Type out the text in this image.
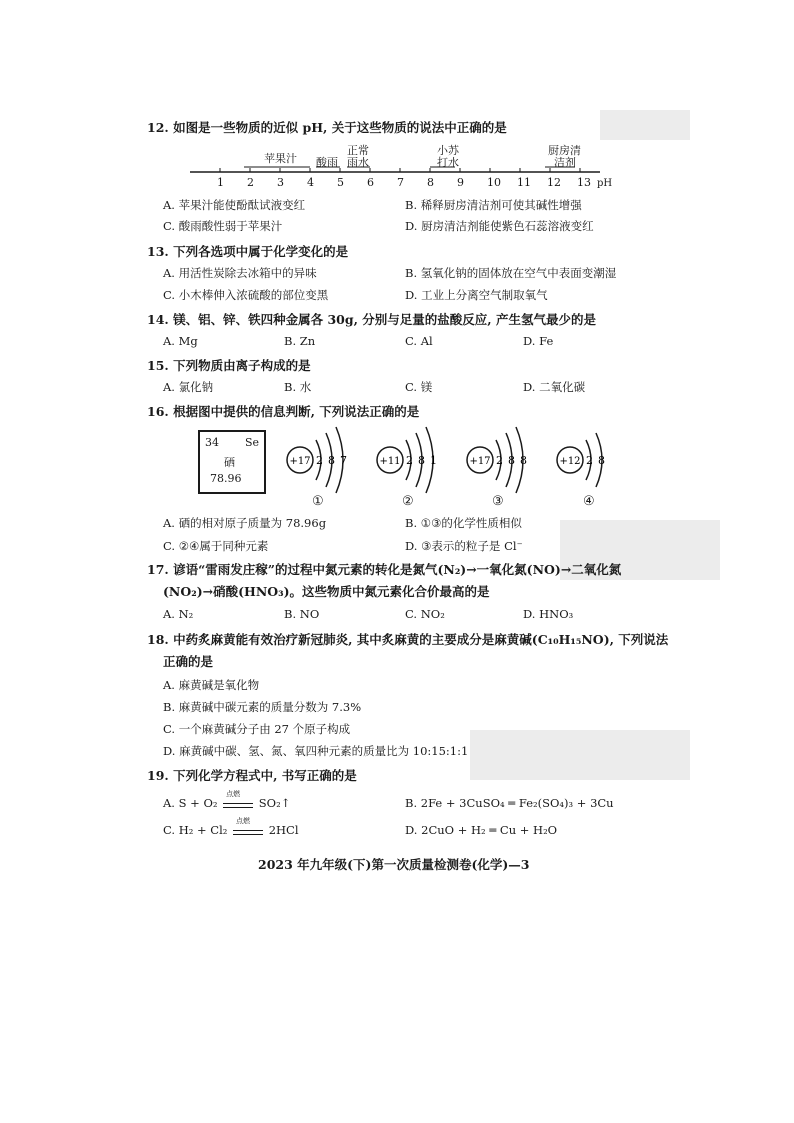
12. 如图是一些物质的近似 pH, 关于这些物质的说法中正确的是
苹果汁 酸雨
正常
雨水
小苏
打水
厨房清
洁剂
1 2 3 4 5 6 7 8 9 10 11 12 13 pH
A. 苹果汁能使酚酞试液变红	B. 稀释厨房清洁剂可使其碱性增强
C. 酸雨酸性弱于苹果汁	D. 厨房清洁剂能使紫色石蕊溶液变红
13. 下列各选项中属于化学变化的是
A. 用活性炭除去冰箱中的异味	B. 氢氧化钠的固体放在空气中表面变潮湿
C. 小木棒伸入浓硫酸的部位变黑	D. 工业上分离空气制取氧气
14. 镁、铝、锌、铁四种金属各 30g, 分别与足量的盐酸反应, 产生氢气最少的是
A. Mg	B. Zn	C. Al	D. Fe
15. 下列物质由离子构成的是
A. 氯化钠	B. 水	C. 镁	D. 二氧化碳
16. 根据图中提供的信息判断, 下列说法正确的是
34 Se
硒
78.96
+17 2 8 7	+11 2 8 1	+17 2 8 8	+12 2 8
①	②	③	④
A. 硒的相对原子质量为 78.96g	B. ①③的化学性质相似
C. ②④属于同种元素	D. ③表示的粒子是 Cl⁻
17. 谚语“雷雨发庄稼”的过程中氮元素的转化是氮气(N₂)→一氧化氮(NO)→二氧化氮
(NO₂)→硝酸(HNO₃)。这些物质中氮元素化合价最高的是
A. N₂	B. NO	C. NO₂	D. HNO₃
18. 中药炙麻黄能有效治疗新冠肺炎, 其中炙麻黄的主要成分是麻黄碱(C₁₀H₁₅NO), 下列说法
正确的是
A. 麻黄碱是氧化物
B. 麻黄碱中碳元素的质量分数为 7.3%
C. 一个麻黄碱分子由 27 个原子构成
D. 麻黄碱中碳、氢、氮、氧四种元素的质量比为 10:15:1:1
19. 下列化学方程式中, 书写正确的是
A. S + O₂
点燃
SO₂↑	B. 2Fe + 3CuSO₄ ═ Fe₂(SO₄)₃ + 3Cu
C. H₂ + Cl₂
点燃
2HCl	D. 2CuO + H₂ ═ Cu + H₂O
2023 年九年级(下)第一次质量检测卷(化学)—3
